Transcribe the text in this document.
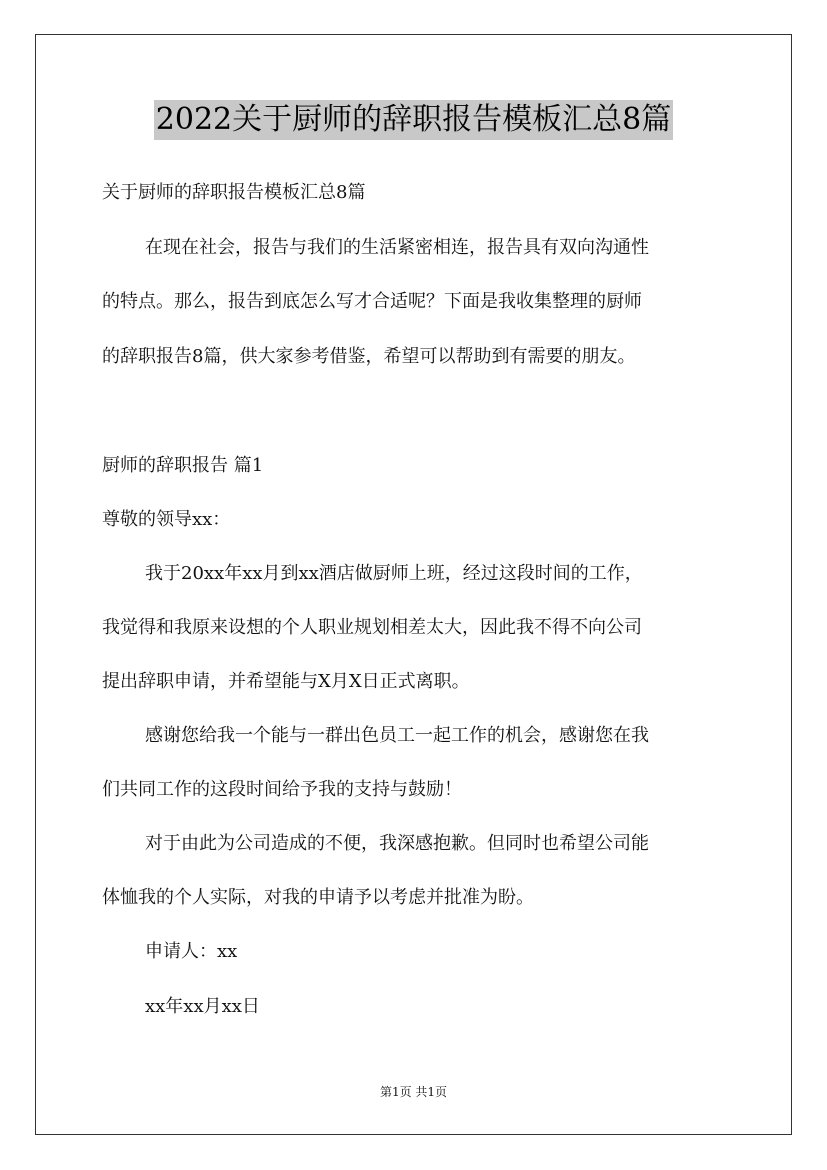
2022关于厨师的辞职报告模板汇总8篇
关于厨师的辞职报告模板汇总8篇
在现在社会，报告与我们的生活紧密相连，报告具有双向沟通性
的特点。那么，报告到底怎么写才合适呢？下面是我收集整理的厨师
的辞职报告8篇，供大家参考借鉴，希望可以帮助到有需要的朋友。
厨师的辞职报告 篇1
尊敬的领导xx：
我于20xx年xx月到xx酒店做厨师上班，经过这段时间的工作，
我觉得和我原来设想的个人职业规划相差太大，因此我不得不向公司
提出辞职申请，并希望能与X月X日正式离职。
感谢您给我一个能与一群出色员工一起工作的机会，感谢您在我
们共同工作的这段时间给予我的支持与鼓励！
对于由此为公司造成的不便，我深感抱歉。但同时也希望公司能
体恤我的个人实际，对我的申请予以考虑并批准为盼。
申请人：xx
xx年xx月xx日
第1页 共1页
